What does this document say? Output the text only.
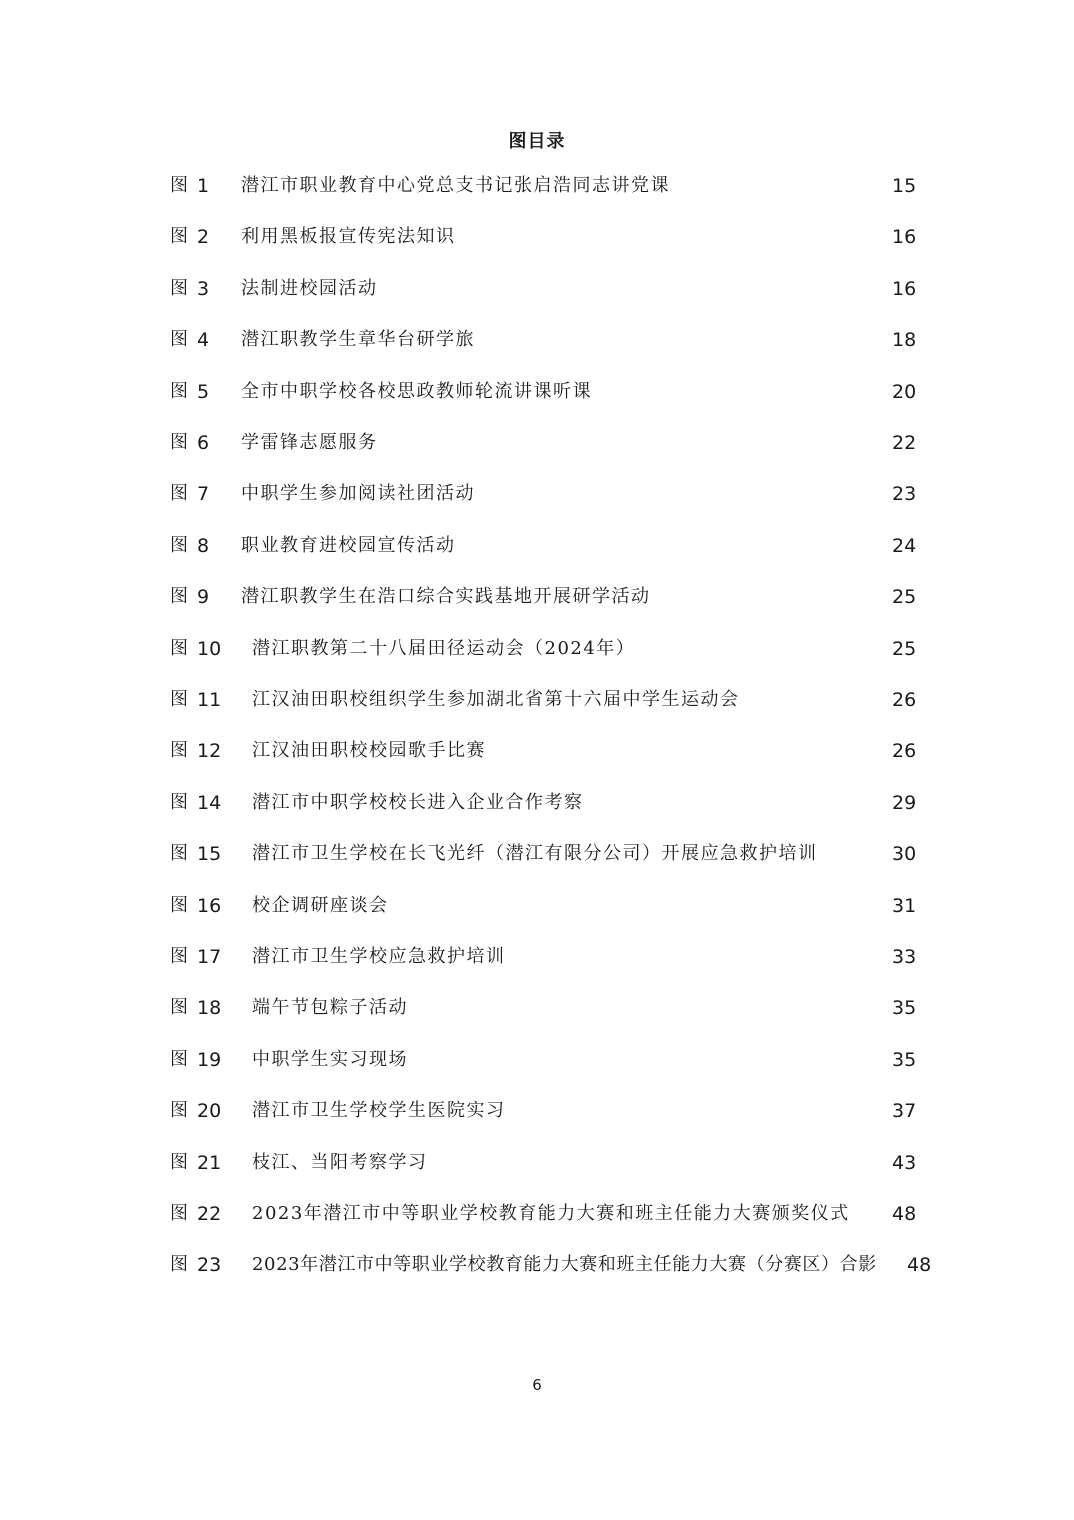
图目录
图 1 潜江市职业教育中心党总支书记张启浩同志讲党课	15
图 2 利用黑板报宣传宪法知识	16
图 3 法制进校园活动	16
图 4 潜江职教学生章华台研学旅	18
图 5 全市中职学校各校思政教师轮流讲课听课	20
图 6 学雷锋志愿服务	22
图 7 中职学生参加阅读社团活动	23
图 8 职业教育进校园宣传活动	24
图 9 潜江职教学生在浩口综合实践基地开展研学活动	25
图 10 潜江职教第二十八届田径运动会（2024年）	25
图 11 江汉油田职校组织学生参加湖北省第十六届中学生运动会	26
图 12 江汉油田职校校园歌手比赛	26
图 14 潜江市中职学校校长进入企业合作考察	29
图 15 潜江市卫生学校在长飞光纤（潜江有限分公司）开展应急救护培训	30
图 16 校企调研座谈会	31
图 17 潜江市卫生学校应急救护培训	33
图 18 端午节包粽子活动	35
图 19 中职学生实习现场	35
图 20 潜江市卫生学校学生医院实习	37
图 21 枝江、当阳考察学习	43
图 22 2023年潜江市中等职业学校教育能力大赛和班主任能力大赛颁奖仪式 48
图 23 2023年潜江市中等职业学校教育能力大赛和班主任能力大赛（分赛区）合影 48
6
